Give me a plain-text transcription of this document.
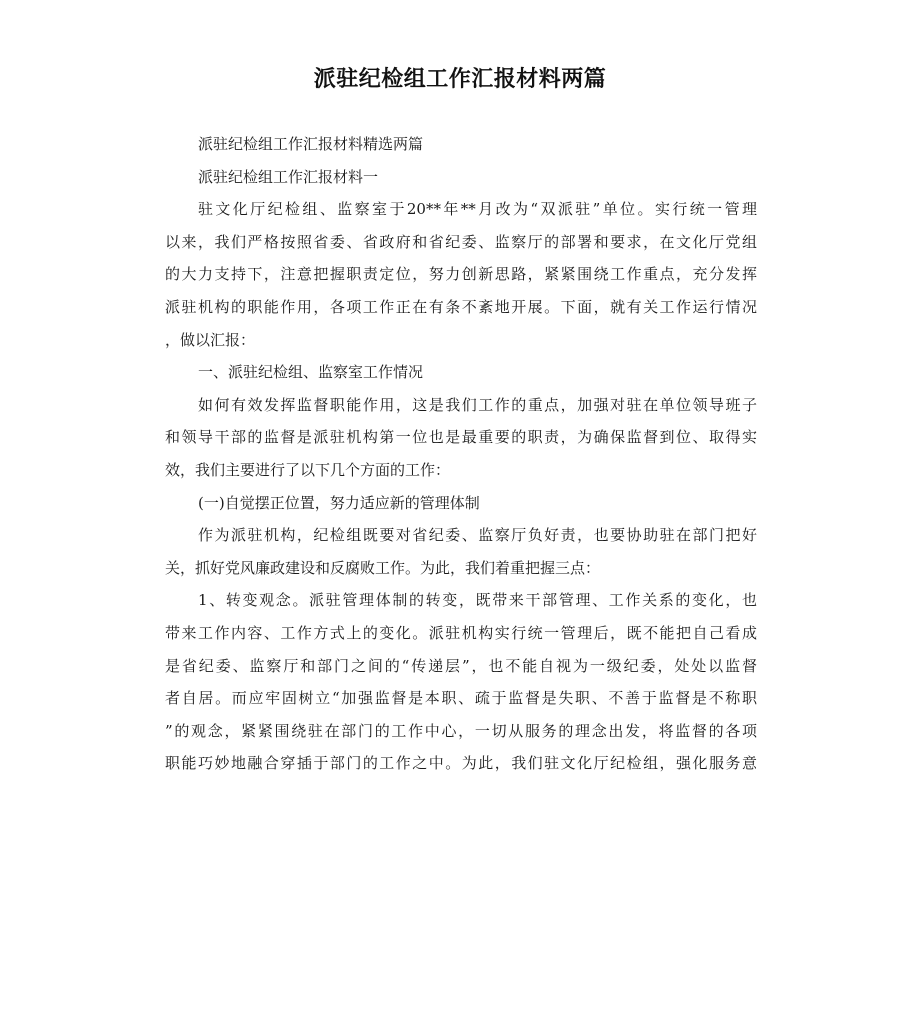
派驻纪检组工作汇报材料两篇
派驻纪检组工作汇报材料精选两篇
派驻纪检组工作汇报材料一
驻文化厅纪检组、监察室于20**年**月改为“双派驻”单位。实行统一管理
以来，我们严格按照省委、省政府和省纪委、监察厅的部署和要求，在文化厅党组
的大力支持下，注意把握职责定位，努力创新思路，紧紧围绕工作重点，充分发挥
派驻机构的职能作用，各项工作正在有条不紊地开展。下面，就有关工作运行情况
，做以汇报：
一、派驻纪检组、监察室工作情况
如何有效发挥监督职能作用，这是我们工作的重点，加强对驻在单位领导班子
和领导干部的监督是派驻机构第一位也是最重要的职责，为确保监督到位、取得实
效，我们主要进行了以下几个方面的工作：
(一)自觉摆正位置，努力适应新的管理体制
作为派驻机构，纪检组既要对省纪委、监察厅负好责，也要协助驻在部门把好
关，抓好党风廉政建设和反腐败工作。为此，我们着重把握三点：
1、转变观念。派驻管理体制的转变，既带来干部管理、工作关系的变化，也
带来工作内容、工作方式上的变化。派驻机构实行统一管理后，既不能把自己看成
是省纪委、监察厅和部门之间的“传递层”，也不能自视为一级纪委，处处以监督
者自居。而应牢固树立“加强监督是本职、疏于监督是失职、不善于监督是不称职
”的观念，紧紧围绕驻在部门的工作中心，一切从服务的理念出发，将监督的各项
职能巧妙地融合穿插于部门的工作之中。为此，我们驻文化厅纪检组，强化服务意
